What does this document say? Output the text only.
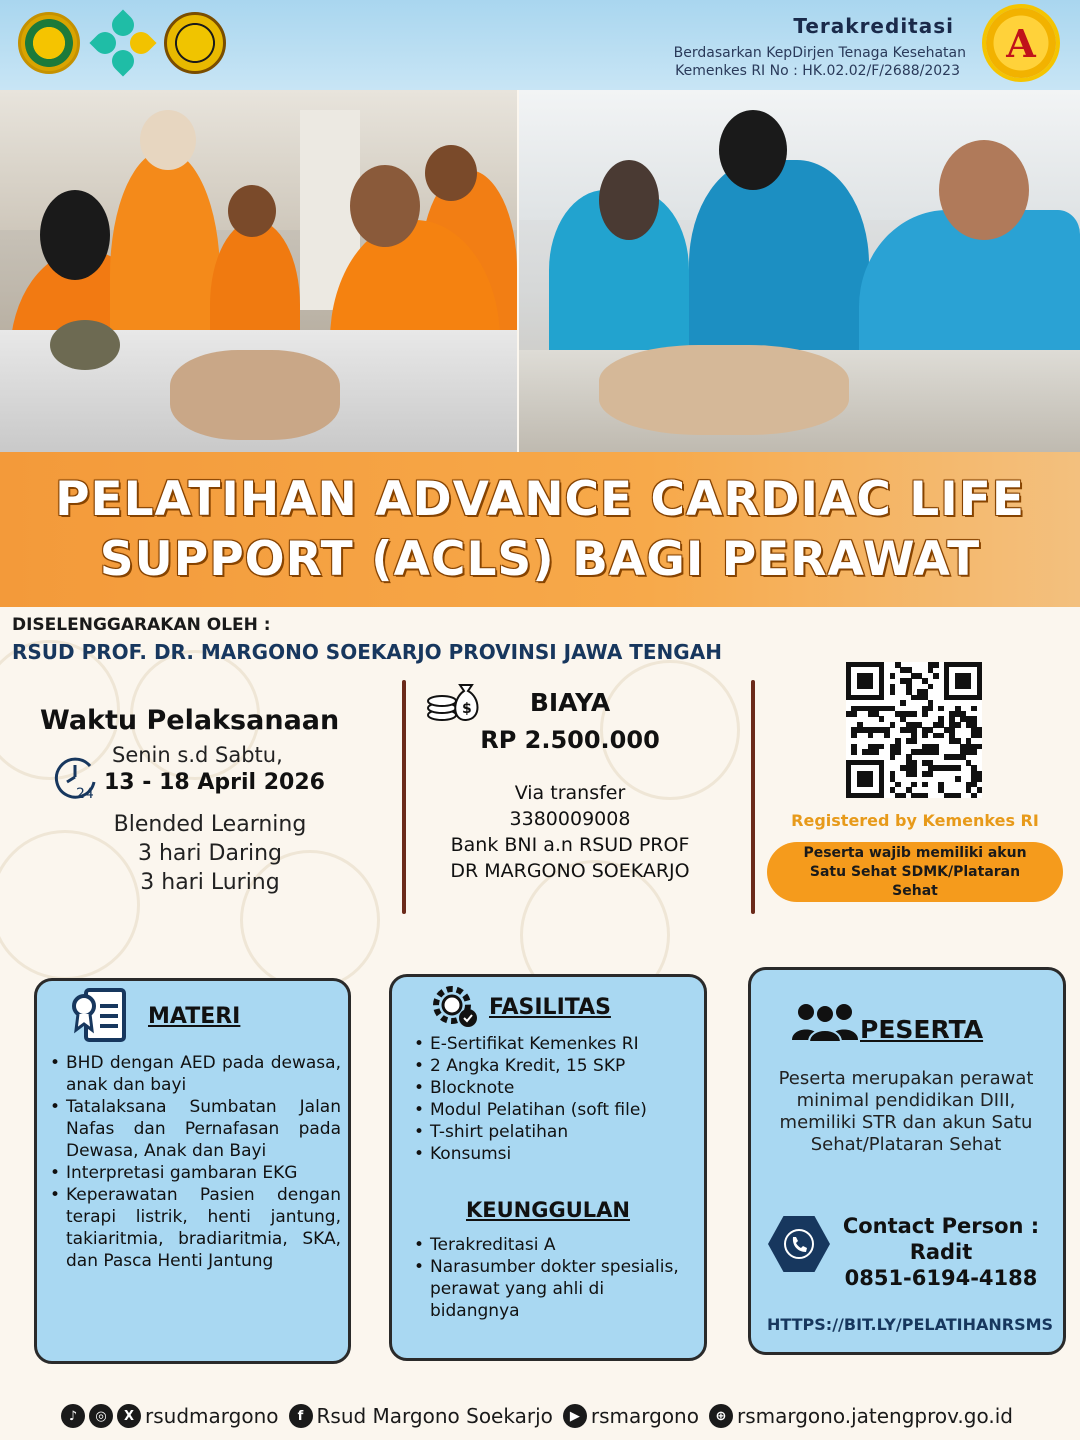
Terakreditasi
Berdasarkan KepDirjen Tenaga Kesehatan
Kemenkes RI No : HK.02.02/F/2688/2023
A
PELATIHAN ADVANCE CARDIAC LIFE
SUPPORT (ACLS) BAGI PERAWAT
DISELENGGARAKAN OLEH :
RSUD PROF. DR. MARGONO SOEKARJO PROVINSI JAWA TENGAH
Waktu Pelaksanaan
24
Senin s.d Sabtu,
13 - 18 April 2026
Blended Learning
3 hari Daring
3 hari Luring
$	BIAYA
RP 2.500.000
Via transfer
3380009008
Bank BNI a.n RSUD PROF
DR MARGONO SOEKARJO
Registered by Kemenkes RI
Peserta wajib memiliki akun Satu Sehat SDMK/Plataran Sehat
MATERI
• BHD dengan AED pada dewasa, anak dan bayi
• Tatalaksana Sumbatan Jalan Nafas dan Pernafasan pada Dewasa, Anak dan Bayi
• Interpretasi gambaran EKG
• Keperawatan Pasien dengan terapi listrik, henti jantung, takiaritmia, bradiaritmia, SKA, dan Pasca Henti Jantung
FASILITAS
• E-Sertifikat Kemenkes RI
• 2 Angka Kredit, 15 SKP
• Blocknote
• Modul Pelatihan (soft file)
• T-shirt pelatihan
• Konsumsi
KEUNGGULAN
• Terakreditasi A
• Narasumber dokter spesialis, perawat yang ahli di bidangnya
PESERTA
Peserta merupakan perawat minimal pendidikan DIII, memiliki STR dan akun Satu Sehat/Plataran Sehat
Contact Person :
Radit
0851-6194-4188
HTTPS://BIT.LY/PELATIHANRSMS
♪	◎	X rsudmargono	f Rsud Margono Soekarjo	▶ rsmargono	⊕ rsmargono.jatengprov.go.id
